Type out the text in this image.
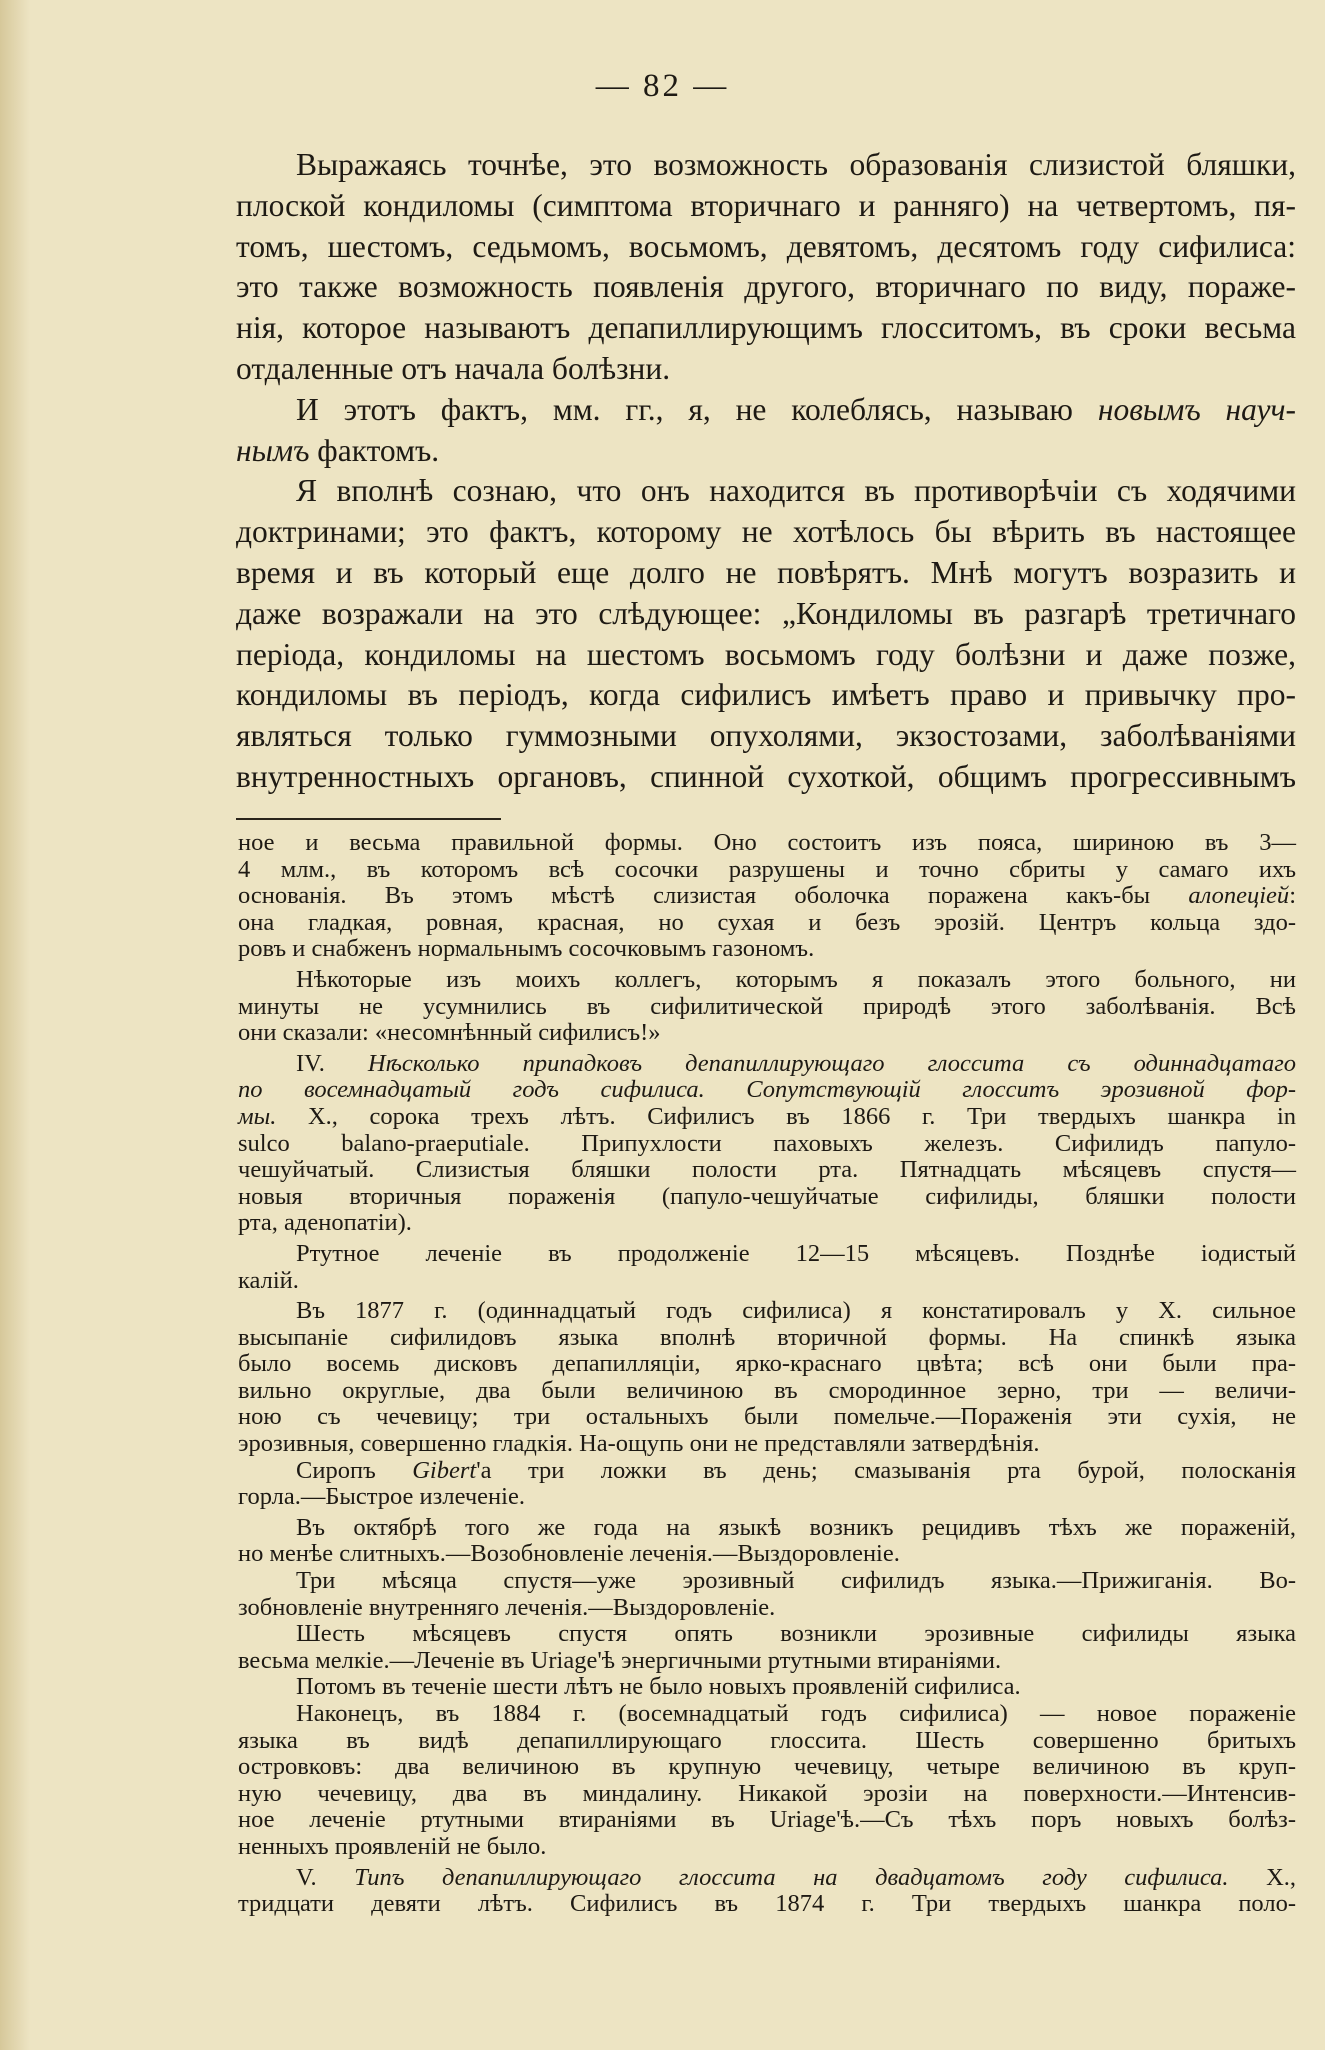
— 82 —
Выражаясь точнѣе, это возможность образованія слизистой бляшки,
плоской кондиломы (симптома вторичнаго и ранняго) на четвертомъ, пя-
томъ, шестомъ, седьмомъ, восьмомъ, девятомъ, десятомъ году сифилиса:
это также возможность появленія другого, вторичнаго по виду, пораже-
нія, которое называютъ депапиллирующимъ глосситомъ, въ сроки весьма
отдаленные отъ начала болѣзни.
И этотъ фактъ, мм. гг., я, не колеблясь, называю новымъ науч-
нымъ фактомъ.
Я вполнѣ сознаю, что онъ находится въ противорѣчіи съ ходячими
доктринами; это фактъ, которому не хотѣлось бы вѣрить въ настоящее
время и въ который еще долго не повѣрятъ. Мнѣ могутъ возразить и
даже возражали на это слѣдующее: „Кондиломы въ разгарѣ третичнаго
періода, кондиломы на шестомъ восьмомъ году болѣзни и даже позже,
кондиломы въ періодъ, когда сифилисъ имѣетъ право и привычку про-
являться только гуммозными опухолями, экзостозами, заболѣваніями
внутренностныхъ органовъ, спинной сухоткой, общимъ прогрессивнымъ
ное и весьма правильной формы. Оно состоитъ изъ пояса, шириною въ 3—
4 млм., въ которомъ всѣ сосочки разрушены и точно сбриты у самаго ихъ
основанія. Въ этомъ мѣстѣ слизистая оболочка поражена какъ-бы алопеціей:
она гладкая, ровная, красная, но сухая и безъ эрозій. Центръ кольца здо-
ровъ и снабженъ нормальнымъ сосочковымъ газономъ.
Нѣкоторые изъ моихъ коллегъ, которымъ я показалъ этого больного, ни
минуты не усумнились въ сифилитической природѣ этого заболѣванія. Всѣ
они сказали: «несомнѣнный сифилисъ!»
IV. Нѣсколько припадковъ депапиллирующаго глоссита съ одиннадцатаго
по восемнадцатый годъ сифилиса. Сопутствующій глосситъ эрозивной фор-
мы. Х., сорока трехъ лѣтъ. Сифилисъ въ 1866 г. Три твердыхъ шанкра in
sulco balano-praeputiale. Припухлости паховыхъ железъ. Сифилидъ папуло-
чешуйчатый. Слизистыя бляшки полости рта. Пятнадцать мѣсяцевъ спустя—
новыя вторичныя пораженія (папуло-чешуйчатые сифилиды, бляшки полости
рта, аденопатіи).
Ртутное леченіе въ продолженіе 12—15 мѣсяцевъ. Позднѣе іодистый
калій.
Въ 1877 г. (одиннадцатый годъ сифилиса) я констатировалъ у Х. сильное
высыпаніе сифилидовъ языка вполнѣ вторичной формы. На спинкѣ языка
было восемь дисковъ депапилляціи, ярко-краснаго цвѣта; всѣ они были пра-
вильно округлые, два были величиною въ смородинное зерно, три — величи-
ною съ чечевицу; три остальныхъ были помельче.—Пораженія эти сухія, не
эрозивныя, совершенно гладкія. На-ощупь они не представляли затвердѣнія.
Сиропъ Gibert'а три ложки въ день; смазыванія рта бурой, полосканія
горла.—Быстрое излеченіе.
Въ октябрѣ того же года на языкѣ возникъ рецидивъ тѣхъ же пораженій,
но менѣе слитныхъ.—Возобновленіе леченія.—Выздоровленіе.
Три мѣсяца спустя—уже эрозивный сифилидъ языка.—Прижиганія. Во-
зобновленіе внутренняго леченія.—Выздоровленіе.
Шесть мѣсяцевъ спустя опять возникли эрозивные сифилиды языка
весьма мелкіе.—Леченіе въ Uriage'ѣ энергичными ртутными втираніями.
Потомъ въ теченіе шести лѣтъ не было новыхъ проявленій сифилиса.
Наконецъ, въ 1884 г. (восемнадцатый годъ сифилиса) — новое пораженіе
языка въ видѣ депапиллирующаго глоссита. Шесть совершенно бритыхъ
островковъ: два величиною въ крупную чечевицу, четыре величиною въ круп-
ную чечевицу, два въ миндалину. Никакой эрозіи на поверхности.—Интенсив-
ное леченіе ртутными втираніями въ Uriage'ѣ.—Съ тѣхъ поръ новыхъ болѣз-
ненныхъ проявленій не было.
V. Типъ депапиллирующаго глоссита на двадцатомъ году сифилиса. Х.,
тридцати девяти лѣтъ. Сифилисъ въ 1874 г. Три твердыхъ шанкра поло-
